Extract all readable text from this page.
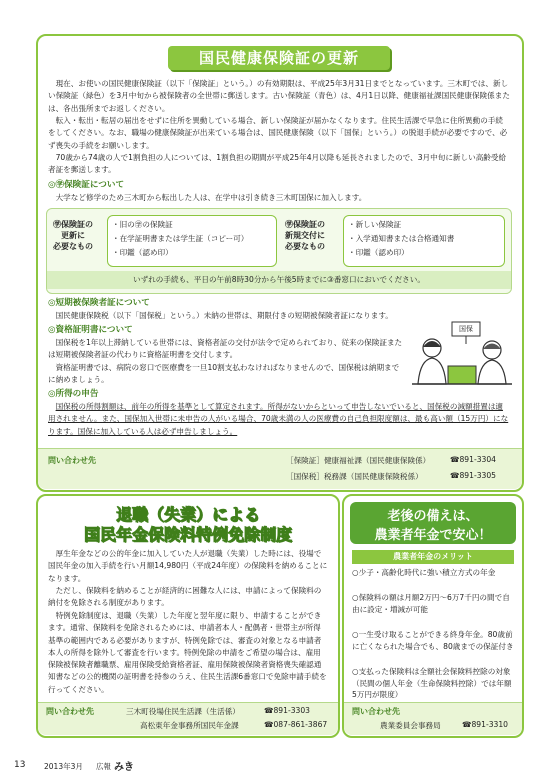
国民健康保険証の更新

現在、お使いの国民健康保険証（以下「保険証」という。）の有効期限は、平成25年3月31日までとなっています。三木町では、新しい保険証（緑色）を3月中旬から被保険者の全世帯に郵送します。古い保険証（青色）は、4月1日以降、健康福祉課国民健康保険係または、各出張所までお返しください。

転入・転出・転居の届出をせずに住所を異動している場合、新しい保険証が届かなくなります。住民生活課で早急に住所異動の手続をしてください。なお、職場の健康保険証が出来ている場合は、国民健康保険（以下「国保」という。）の脱退手続が必要ですので、必ず喪失の手続をお願いします。

70歳から74歳の人で1割負担の人については、1割負担の期間が平成25年4月以降も延長されましたので、3月中旬に新しい高齢受給者証を郵送します。

◎㊫保険証について

大学など修学のため三木町から転出した人は、在学中は引き続き三木町国保に加入します。

㊫保険証の
更新に
必要なもの
・旧の㊫の保険証
・在学証明書または学生証（コピー可）
・印鑑（認め印）
㊫保険証の
新規交付に
必要なもの
・新しい保険証
・入学通知書または合格通知書
・印鑑（認め印）
いずれの手続も、平日の午前8時30分から午後5時までに③番窓口においでください。

◎短期被保険者証について

国民健康保険税（以下「国保税」という。）未納の世帯は、期限付きの短期被保険者証になります。

◎資格証明書について

国保税を1年以上滞納している世帯には、資格者証の交付が法令で定められており、従来の保険証または短期被保険者証の代わりに資格証明書を交付します。

資格証明書では、病院の窓口で医療費を一旦10割支払わなければなりませんので、国保税は納期までに納めましょう。

国保

◎所得の申告

国保税の所得割額は、前年の所得を基準として算定されます。所得がないからといって申告しないでいると、国保税の減額措置は適用されません。また、国保加入世帯に未申告の人がいる場合、70歳未満の人の医療費の自己負担限度額は、最も高い額（15万円）になります。国保に加入している人は必ず申告しましょう。

問い合わせ先	［保険証］健康福祉課（国民健康保険係）	☎891-3304
［国保税］税務課（国民健康保険税係）	☎891-3305
退職（失業）による
国民年金保険料特例免除制度

厚生年金などの公的年金に加入していた人が退職（失業）した時には、役場で国民年金の加入手続を行い月額14,980円（平成24年度）の保険料を納めることになります。

ただし、保険料を納めることが経済的に困難な人には、申請によって保険料の納付を免除される制度があります。

特例免除制度は、退職（失業）した年度と翌年度に限り、申請することができます。通常、保険料を免除されるためには、申請者本人・配偶者・世帯主が所得基準の範囲内である必要がありますが、特例免除では、審査の対象となる申請者本人の所得を除外して審査を行います。特例免除の申請をご希望の場合は、雇用保険被保険者離職票、雇用保険受給資格者証、雇用保険被保険者資格喪失確認通知書などの公的機関の証明書を持参のうえ、住民生活課6番窓口で免除申請手続を行ってください。

問い合わせ先	三木町役場住民生活課（生活係）	☎891-3303
高松東年金事務所国民年金課	☎087-861-3867
老後の備えは、
農業者年金で安心！
農業者年金のメリット
○少子・高齢化時代に強い積立方式の年金
○保険料の額は月額2万円～6万7千円の間で自由に設定・増減が可能
○一生受け取ることができる終身年金。80歳前に亡くなられた場合でも、80歳までの保証付き
○支払った保険料は全額社会保険料控除の対象（民間の個人年金（生命保険料控除）では年額5万円が限度）
問い合わせ先
農業委員会事務局	☎891-3310
13 2013年3月 広報 みき
